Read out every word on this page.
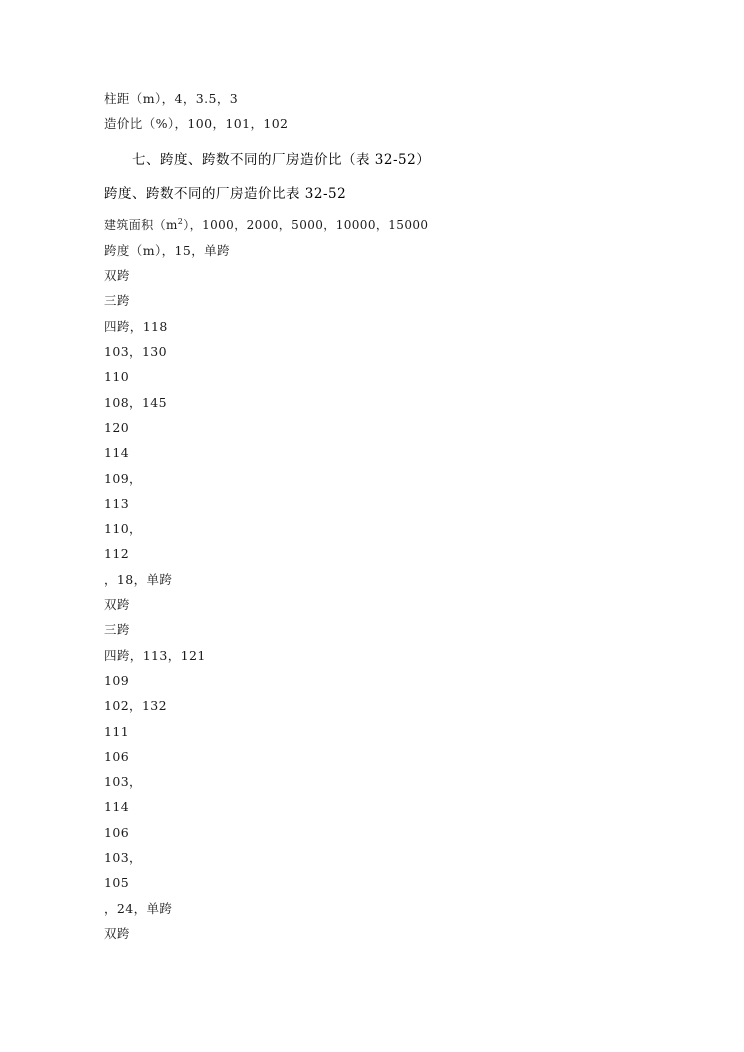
柱距（m），4，3.5，3
造价比（%），100，101，102
七、跨度、跨数不同的厂房造价比（表 32-52）
跨度、跨数不同的厂房造价比表 32-52
建筑面积$(m^2)$，1000，2000，5000，10000，15000
跨度（m），15，单跨
双跨
三跨
四跨，118
103，130
110
108，145
120
114
109，
113
110，
112
，18，单跨
双跨
三跨
四跨，113，121
109
102，132
111
106
103，
114
106
103，
105
，24，单跨
双跨
